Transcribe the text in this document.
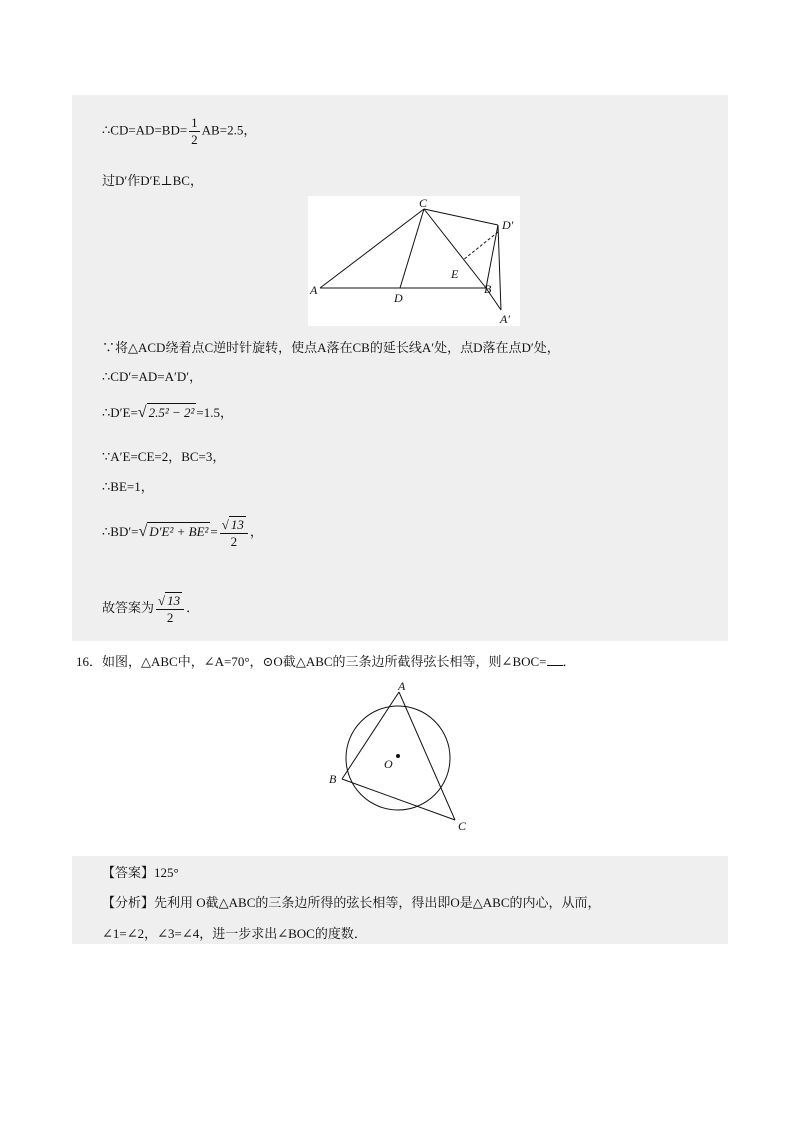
∴CD=AD=BD= $\frac{1}{2} AB=2.5$，
过D′作D′E⊥BC，
C
D′
E
A
D
B
A′
∵将△ACD绕着点C逆时针旋转，使点A落在CB的延长线A′处，点D落在点D′处，
∴CD′=AD=A′D′，
∴D′E=√ 2.5² − 2² =1.5，
∵A′E=CE=2，BC=3，
∴BE=1，
∴BD′=√ $D'E^2 + BE^2 = \frac{√ 13}{2}$ ，
故答案为 $\frac{√ 13}{2}$ ．
16．如图，△ABC中，∠A=70°，⊙O截△ABC的三条边所截得弦长相等，则∠BOC= ．
A
B
C
O
【答案】125°
【分析】先利用 O截△ABC的三条边所得的弦长相等，得出即O是△ABC的内心，从而，
∠1=∠2，∠3=∠4，进一步求出∠BOC的度数．
